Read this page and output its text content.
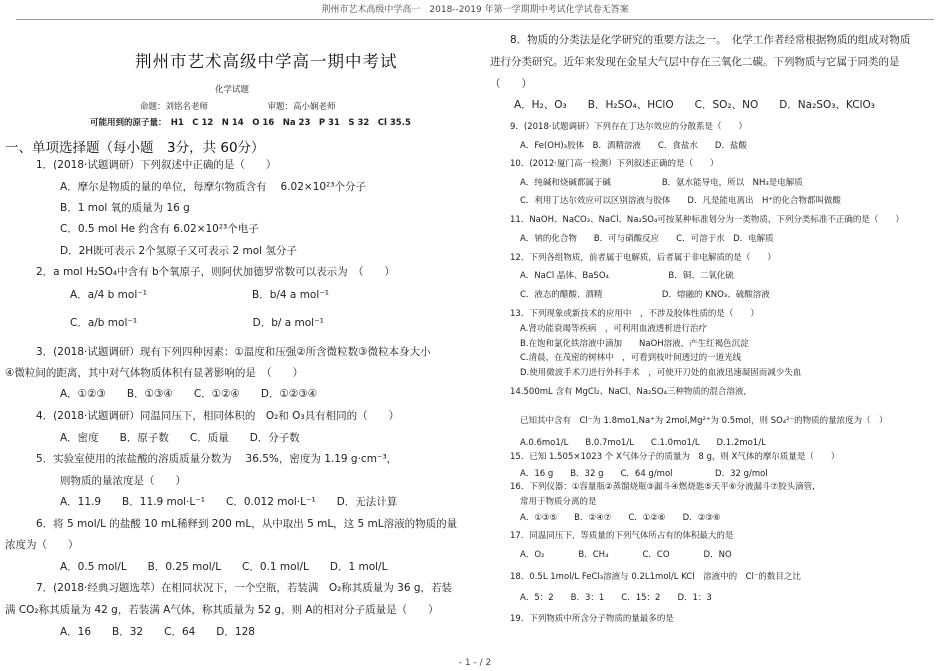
荆州市艺术高级中学高一　2018--2019 年第一学期期中考试化学试卷无答案
荆州市艺术高级中学高一期中考试
化学试题
命题：刘铭名老师　　　　　　　审题：高小娴老师
可能用到的原子量：　H1　C 12　N 14　O 16　Na 23　P 31　S 32　Cl 35.5
一、单项选择题（每小题　3分，共 60分）
1．(2018·试题调研）下列叙述中正确的是（　　）
A．摩尔是物质的量的单位，每摩尔物质含有　 6.02×10²³个分子
B．1 mol 氧的质量为 16 g
C．0.5 mol He 约含有 6.02×10²³个电子
D．2H既可表示 2个氢原子又可表示 2 mol 氢分子
2．a mol H₂SO₄中含有 b个氧原子，则阿伏加德罗常数可以表示为　（　　）
A．a/4 b mol⁻¹　　　　　　　　　　B．b/4 a mol⁻¹
C．a/b mol⁻¹　　　　　　　　　　　D．b/ a mol⁻¹
3．(2018·试题调研）现有下列四种因素：①温度和压强②所含微粒数③微粒本身大小
④微粒间的距离，其中对气体物质体积有显著影响的是　（　　）
A．①②③　　B．①③④　　C．①②④　　D．①②③④
4．(2018·试题调研）同温同压下，相同体积的　O₂和 O₃具有相同的（　　）
A．密度　　B．原子数　　C．质量　　D．分子数
5．实验室使用的浓盐酸的溶质质量分数为　 36.5%，密度为 1.19 g·cm⁻³，
则物质的量浓度是（　　）
A．11.9　　B．11.9 mol·L⁻¹　　C．0.012 mol·L⁻¹　　D．无法计算
6．将 5 mol/L 的盐酸 10 mL稀释到 200 mL，从中取出 5 mL，这 5 mL溶液的物质的量
浓度为（　　）
A．0.5 mol/L　　B．0.25 mol/L　　C．0.1 mol/L　　D．1 mol/L
7．(2018·经典习题选萃）在相同状况下，一个空瓶，若装满　O₂称其质量为 36 g，若装
满 CO₂称其质量为 42 g，若装满 A气体，称其质量为 52 g，则 A的相对分子质量是（　　）
A．16　　B．32　　C．64　　D．128
8．物质的分类法是化学研究的重要方法之一。　化学工作者经常根据物质的组成对物质
进行分类研究。近年来发现在金星大气层中存在三氧化二碳。下列物质与它属于同类的是
（　　）
A．H₂、O₃　　B．H₂SO₄、HClO　　C．SO₂、NO　　D．Na₂SO₃、KClO₃
9．(2018·试题调研）下列存在丁达尔效应的分散系是（　　）
A．Fe(OH)₃胶体　B．酒精溶液　　C．食盐水　　D．盐酸
10．(2012·厦门高一检测）下列叙述正确的是（　　）
A．纯碱和烧碱都属于碱　　　　　　B．氨水能导电，所以　NH₃是电解质
C．利用丁达尔效应可以区别溶液与胶体　　D．凡是能电离出　H⁺的化合物都叫做酸
11．NaOH、NaCO₃、NaCl、Na₂SO₄可按某种标准划分为一类物质，下列分类标准不正确的是（　　）
A．钠的化合物　　B．可与硝酸反应　　C．可溶于水　D．电解质
12．下列各组物质，前者属于电解质，后者属于非电解质的是（　　）
A．NaCl 晶体、BaSO₄　　　　　　　B．铜、二氧化硫
C．液态的醋酸、酒精　　　　　　　D．熔融的 KNO₃、硫酸溶液
13．下列现象或新技术的应用中　，不涉及胶体性质的是（　　）
A.肾功能衰竭等疾病　，可利用血液透析进行治疗
B.在饱和氯化铁溶液中滴加　　NaOH溶液，产生红褐色沉淀
C.清晨，在茂密的树林中　，可看到枝叶间透过的一道光线
D.使用微波手术刀进行外科手术　，可使开刀处的血液迅速凝固而减少失血
14.500mL 含有 MgCl₂、NaCl、Na₂SO₄三种物质的混合溶液，
已知其中含有　Cl⁻为 1.8mo1,Na⁺为 2mol,Mg²⁺为 0.5mol，则 SO₄²⁻的物质的量浓度为（　）
A.0.6mo1/L　　B.0.7mo1/L　　C.1.0mo1/L　　D.1.2mo1/L
15．已知 1.505×1023 个 X气体分子的质量为　8 g，则 X气体的摩尔质量是（　　）
A．16 g　　B．32 g　　C．64 g/mol　　　　　D．32 g/mol
16．下列仪器：①容量瓶②蒸馏烧瓶③漏斗④燃烧匙⑤天平⑥分液漏斗⑦胶头滴管,
常用于物质分离的是
A．①③⑤　　B．②④⑦　　C．①②⑥　　D．②③⑥
17．同温同压下，等质量的下列气体所占有的体积最大的是
A．O₂　　　　B．CH₄　　　　C．CO　　　　D．NO
18．0.5L 1mol/L FeCl₃溶液与 0.2L1mol/L KCl　溶液中的　Cl⁻的数目之比
A．5：2　　B．3：1　　C．15：2　　D．1：3
19．下列物质中所含分子物质的量最多的是
- 1 - / 2
